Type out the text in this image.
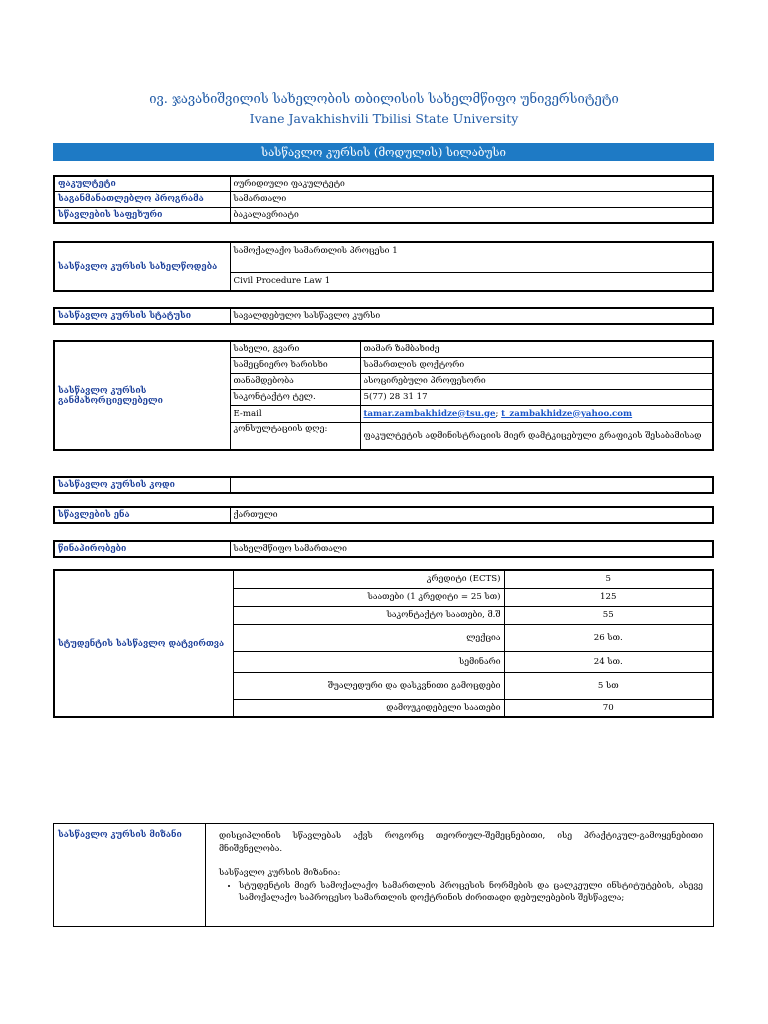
ივ. ჯავახიშვილის სახელობის თბილისის სახელმწიფო უნივერსიტეტი
Ivane Javakhishvili Tbilisi State University
სასწავლო კურსის (მოდულის) სილაბუსი
ფაკულტეტი	იურიდიული ფაკულტეტი
საგანმანათლებლო პროგრამა	სამართალი
სწავლების საფეხური	ბაკალავრიატი
სასწავლო კურსის სახელწოდება	სამოქალაქო სამართლის პროცესი 1
Civil Procedure Law 1
სასწავლო კურსის სტატუსი	სავალდებულო სასწავლო კურსი
სასწავლო კურსის განმახორციელებელი	სახელი, გვარი	თამარ ზამბახიძე
	სამეცნიერო ხარისხი	სამართლის დოქტორი
	თანამდებობა	ასოცირებული პროფესორი
	საკონტაქტო ტელ.	5(77) 28 31 17
	E-mail	tamar.zambakhidze@tsu.ge; t_zambakhidze@yahoo.com
	კონსულტაციის დღე:	ფაკულტეტის ადმინისტრაციის მიერ დამტკიცებული გრაფიკის შესაბამისად
სასწავლო კურსის კოდი	
სწავლების ენა	ქართული
წინაპირობები	სახელმწიფო სამართალი
სტუდენტის სასწავლო დატვირთვა	კრედიტი (ECTS)	5
	საათები (1 კრედიტი = 25 სთ)	125
	საკონტაქტო საათები, მ.შ	55
	ლექცია	26 სთ.
	სემინარი	24 სთ.
	შუალედური და დასკვნითი გამოცდები	5 სთ
	დამოუკიდებელი საათები	70
სასწავლო კურსის მიზანი	დისციპლინის სწავლებას აქვს როგორც თეორიულ-შემეცნებითი, ისე პრაქტიკულ-გამოყენებითი მნიშვნელობა.

სასწავლო კურსის მიზანია:

• სტუდენტის მიერ სამოქალაქო სამართლის პროცესის ნორმების და ცალკეული ინსტიტუტების, ასევე სამოქალაქო საპროცესო სამართლის დოქტრინის ძირითადი დებულებების შესწავლა;
